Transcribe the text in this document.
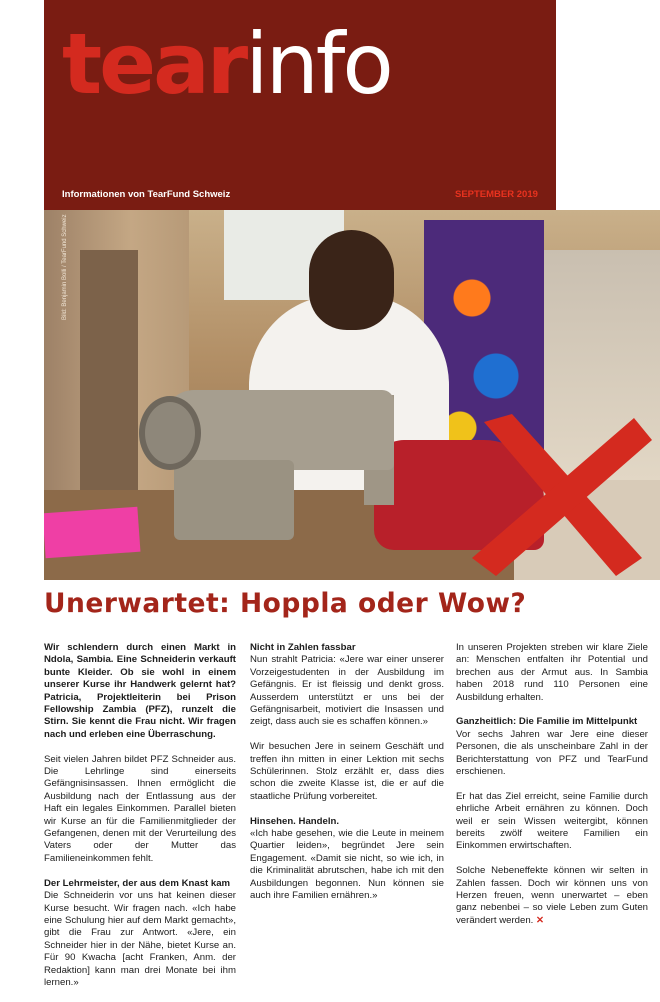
tearinfo
Informationen von TearFund Schweiz	SEPTEMBER 2019
Bild: Benjamin Bolli / TearFund Schweiz
Unerwartet: Hoppla oder Wow?

Wir schlendern durch einen Markt in Ndola, Sambia. Eine Schneiderin verkauft bunte Kleider. Ob sie wohl in einem unserer Kurse ihr Handwerk gelernt hat? Patricia, Projektleiterin bei Prison Fellowship Zambia (PFZ), runzelt die Stirn. Sie kennt die Frau nicht. Wir fragen nach und erleben eine Überraschung.

Seit vielen Jahren bildet PFZ Schneider aus. Die Lehrlinge sind einerseits Gefängnisinsassen. Ihnen ermöglicht die Ausbildung nach der Entlassung aus der Haft ein legales Einkommen. Parallel bieten wir Kurse an für die Familienmitglieder der Gefangenen, denen mit der Verurteilung des Vaters oder der Mutter das Familieneinkommen fehlt.

Der Lehrmeister, der aus dem Knast kam

Die Schneiderin vor uns hat keinen dieser Kurse besucht. Wir fragen nach. «Ich habe eine Schulung hier auf dem Markt gemacht», gibt die Frau zur Antwort. «Jere, ein Schneider hier in der Nähe, bietet Kurse an. Für 90 Kwacha [acht Franken, Anm. der Redaktion] kann man drei Monate bei ihm lernen.»

Nicht in Zahlen fassbar

Nun strahlt Patricia: «Jere war einer unserer Vorzeigestudenten in der Ausbildung im Gefängnis. Er ist fleissig und denkt gross. Ausserdem unterstützt er uns bei der Gefängnisarbeit, motiviert die Insassen und zeigt, dass auch sie es schaffen können.»

Wir besuchen Jere in seinem Geschäft und treffen ihn mitten in einer Lektion mit sechs Schülerinnen. Stolz erzählt er, dass dies schon die zweite Klasse ist, die er auf die staatliche Prüfung vorbereitet.

Hinsehen. Handeln.

«Ich habe gesehen, wie die Leute in meinem Quartier leiden», begründet Jere sein Engagement. «Damit sie nicht, so wie ich, in die Kriminalität abrutschen, habe ich mit den Ausbildungen begonnen. Nun können sie auch ihre Familien ernähren.»

In unseren Projekten streben wir klare Ziele an: Menschen entfalten ihr Potential und brechen aus der Armut aus. In Sambia haben 2018 rund 110 Personen eine Ausbildung erhalten.

Ganzheitlich: Die Familie im Mittelpunkt

Vor sechs Jahren war Jere eine dieser Personen, die als unscheinbare Zahl in der Berichterstattung von PFZ und TearFund erschienen.

Er hat das Ziel erreicht, seine Familie durch ehrliche Arbeit ernähren zu können. Doch weil er sein Wissen weitergibt, können bereits zwölf weitere Familien ein Einkommen erwirtschaften.

Solche Nebeneffekte können wir selten in Zahlen fassen. Doch wir können uns von Herzen freuen, wenn unerwartet – eben ganz nebenbei – so viele Leben zum Guten verändert werden. ✕
